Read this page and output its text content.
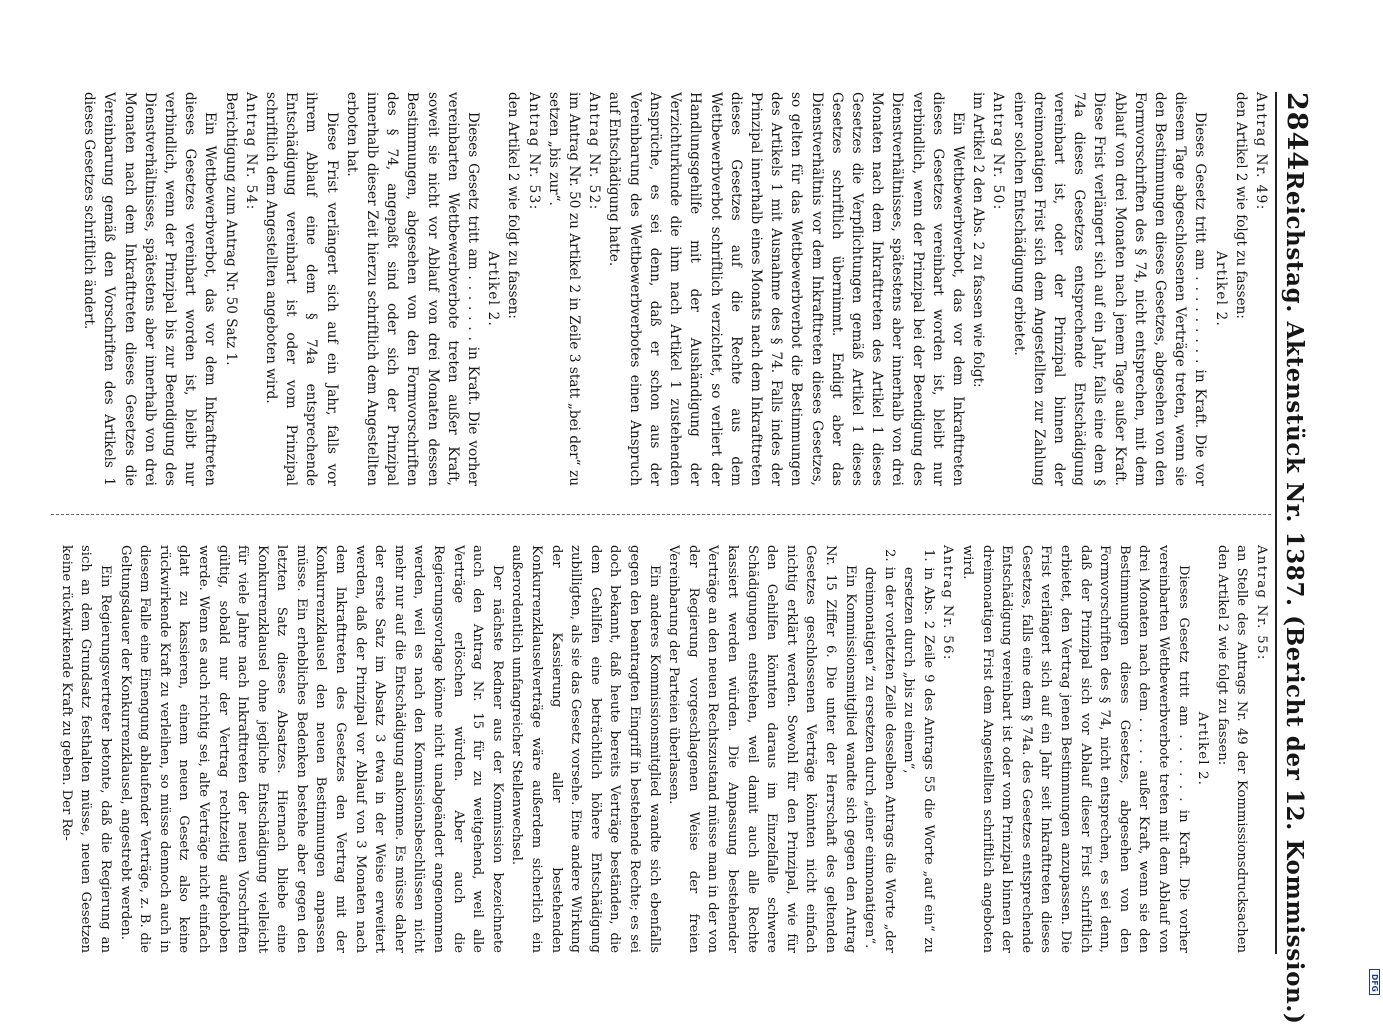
2844
Reichstag. Aktenstück Nr. 1387. (Bericht der 12. Kommission.)

Antrag Nr. 49:

den Artikel 2 wie folgt zu fassen:

Artikel 2.

Dieses Gesetz tritt am . . . . . . . . . in Kraft. Die vor diesem Tage abgeschlossenen Verträge treten, wenn sie den Bestimmungen dieses Gesetzes, abgesehen von den Formvorschriften des § 74, nicht entsprechen, mit dem Ablauf von drei Monaten nach jenem Tage außer Kraft. Diese Frist verlängert sich auf ein Jahr, falls eine dem § 74a dieses Gesetzes entsprechende Entschädigung vereinbart ist, oder der Prinzipal binnen der dreimonatigen Frist sich dem Angestellten zur Zahlung einer solchen Entschädigung erbietet.

Antrag Nr. 50:

im Artikel 2 den Abs. 2 zu fassen wie folgt:

Ein Wettbewerbverbot, das vor dem Inkrafttreten dieses Gesetzes vereinbart worden ist, bleibt nur verbindlich, wenn der Prinzipal bei der Beendigung des Dienstverhältnisses, spätestens aber innerhalb von drei Monaten nach dem Inkrafttreten des Artikel 1 dieses Gesetzes die Verpflichtungen gemäß Artikel 1 dieses Gesetzes schriftlich übernimmt. Endigt aber das Dienstverhältnis vor dem Inkrafttreten dieses Gesetzes, so gelten für das Wettbewerbverbot die Bestimmungen des Artikels 1 mit Ausnahme des § 74. Falls indes der Prinzipal innerhalb eines Monats nach dem Inkrafttreten dieses Gesetzes auf die Rechte aus dem Wettbewerbverbot schriftlich verzichtet, so verliert der Handlungsgehilfe mit der Aushändigung der Verzichturkunde die ihm nach Artikel 1 zustehenden Ansprüche, es sei denn, daß er schon aus der Vereinbarung des Wettbewerbverbotes einen Anspruch auf Entschädigung hatte.

Antrag Nr. 52:

im Antrag Nr. 50 zu Artikel 2 in Zeile 3 statt „bei der“ zu setzen „bis zur“.

Antrag Nr. 53:

den Artikel 2 wie folgt zu fassen:

Artikel 2.

Dieses Gesetz tritt am . . . . . . . in Kraft. Die vorher vereinbarten Wettbewerbverbote treten außer Kraft, soweit sie nicht vor Ablauf von drei Monaten dessen Bestimmungen, abgesehen von den Formvorschriften des § 74, angepaßt sind oder sich der Prinzipal innerhalb dieser Zeit hierzu schriftlich dem Angestellten erboten hat.

Diese Frist verlängert sich auf ein Jahr, falls vor ihrem Ablauf eine dem § 74a entsprechende Entschädigung vereinbart ist oder vom Prinzipal schriftlich dem Angestellten angeboten wird.

Antrag Nr. 54:

Berichtigung zum Antrag Nr. 50 Satz 1.

Ein Wettbewerbverbot, das vor dem Inkrafttreten dieses Gesetzes vereinbart worden ist, bleibt nur verbindlich, wenn der Prinzipal bis zur Beendigung des Dienstverhältnisses, spätestens aber innerhalb von drei Monaten nach dem Inkrafttreten dieses Gesetzes die Vereinbarung gemäß den Vorschriften des Artikels 1 dieses Gesetzes schriftlich ändert.

Antrag Nr. 55:

an Stelle des Antrags Nr. 49 der Kommissionsdrucksachen den Artikel 2 wie folgt zu fassen:

Artikel 2.

Dieses Gesetz tritt am . . . . . . in Kraft. Die vorher vereinbarten Wettbewerbverbote treten mit dem Ablauf von drei Monaten nach dem . . . . . außer Kraft, wenn sie den Bestimmungen dieses Gesetzes, abgesehen von den Formvorschriften des § 74, nicht entsprechen, es sei denn, daß der Prinzipal sich vor Ablauf dieser Frist schriftlich erbietet, den Vertrag jenen Bestimmungen anzupassen. Die Frist verlängert sich auf ein Jahr seit Inkrafttreten dieses Gesetzes, falls eine dem § 74a. des Gesetzes entsprechende Entschädigung vereinbart ist oder vom Prinzipal binnen der dreimonatigen Frist dem Angestellten schriftlich angeboten wird.

Antrag Nr. 56:

1. in Abs. 2 Zeile 9 des Antrags 55 die Worte „auf ein“ zu ersetzen durch „bis zu einem“,

2. in der vorletzten Zeile desselben Antrags die Worte „der dreimonatigen“ zu ersetzen durch „einer einmonatigen“.

Ein Kommissionsmitglied wandte sich gegen den Antrag Nr. 15 Ziffer 6. Die unter der Herrschaft des geltenden Gesetzes geschlossenen Verträge könnten nicht einfach nichtig erklärt werden. Sowohl für den Prinzipal, wie für den Gehilfen könnten daraus im Einzelfalle schwere Schädigungen entstehen, weil damit auch alle Rechte kassiert werden würden. Die Anpassung bestehender Verträge an den neuen Rechtszustand müsse man in der von der Regierung vorgeschlagenen Weise der freien Vereinbarung der Parteien überlassen.

Ein anderes Kommissionsmitglied wandte sich ebenfalls gegen den beantragten Eingriff in bestehende Rechte; es sei doch bekannt, daß heute bereits Verträge beständen, die dem Gehilfen eine beträchtlich höhere Entschädigung zubilligten, als sie das Gesetz vorsehe. Eine andere Wirkung der Kassierung aller bestehenden Konkurrenzklauselverträge wäre außerdem sicherlich ein außerordentlich umfangreicher Stellenwechsel.

Der nächste Redner aus der Kommission bezeichnete auch den Antrag Nr. 15 für zu weitgehend, weil alle Verträge erlöschen würden. Aber auch die Regierungsvorlage könne nicht unabgeändert angenommen werden, weil es nach den Kommissionsbeschlüssen nicht mehr nur auf die Entschädigung ankomme. Es müsse daher der erste Satz im Absatz 3 etwa in der Weise erweitert werden, daß der Prinzipal vor Ablauf von 3 Monaten nach dem Inkrafttreten des Gesetzes den Vertrag mit der Konkurrenzklausel den neuen Bestimmungen anpassen müsse. Ein erhebliches Bedenken bestehe aber gegen den letzten Satz dieses Absatzes. Hiernach bliebe eine Konkurrenzklausel ohne jegliche Entschädigung vielleicht für viele Jahre nach Inkrafttreten der neuen Vorschriften gültig, sobald nur der Vertrag rechtzeitig aufgehoben werde. Wenn es auch richtig sei, alte Verträge nicht einfach glatt zu kassieren, einem neuen Gesetz also keine rückwirkende Kraft zu verleihen, so müsse dennoch auch in diesem Falle eine Einengung ablaufender Verträge, z. B. die Geltungsdauer der Konkurrenzklausel, angestrebt werden.

Ein Regierungsvertreter betonte, daß die Regierung an sich an dem Grundsatz festhalten müsse, neuen Gesetzen keine rückwirkende Kraft zu geben. Der Re-

DFG
